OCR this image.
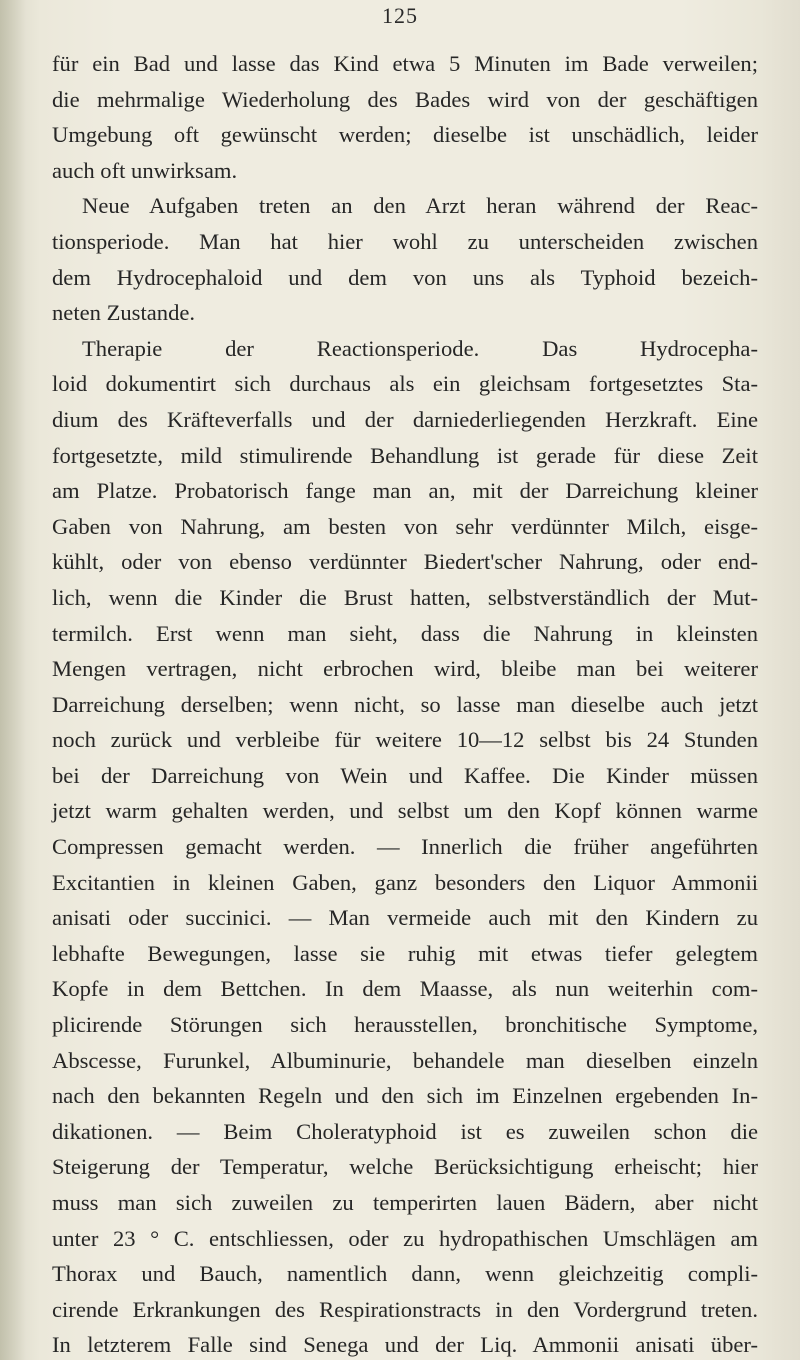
125
für ein Bad und lasse das Kind etwa 5 Minuten im Bade verweilen;
die mehrmalige Wiederholung des Bades wird von der geschäftigen
Umgebung oft gewünscht werden; dieselbe ist unschädlich, leider
auch oft unwirksam.
Neue Aufgaben treten an den Arzt heran während der Reac-
tionsperiode. Man hat hier wohl zu unterscheiden zwischen
dem Hydrocephaloid und dem von uns als Typhoid bezeich-
neten Zustande.
Therapie der Reactionsperiode. Das Hydrocepha-
loid dokumentirt sich durchaus als ein gleichsam fortgesetztes Sta-
dium des Kräfteverfalls und der darniederliegenden Herzkraft. Eine
fortgesetzte, mild stimulirende Behandlung ist gerade für diese Zeit
am Platze. Probatorisch fange man an, mit der Darreichung kleiner
Gaben von Nahrung, am besten von sehr verdünnter Milch, eisge-
kühlt, oder von ebenso verdünnter Biedert'scher Nahrung, oder end-
lich, wenn die Kinder die Brust hatten, selbstverständlich der Mut-
termilch. Erst wenn man sieht, dass die Nahrung in kleinsten
Mengen vertragen, nicht erbrochen wird, bleibe man bei weiterer
Darreichung derselben; wenn nicht, so lasse man dieselbe auch jetzt
noch zurück und verbleibe für weitere 10—12 selbst bis 24 Stunden
bei der Darreichung von Wein und Kaffee. Die Kinder müssen
jetzt warm gehalten werden, und selbst um den Kopf können warme
Compressen gemacht werden. — Innerlich die früher angeführten
Excitantien in kleinen Gaben, ganz besonders den Liquor Ammonii
anisati oder succinici. — Man vermeide auch mit den Kindern zu
lebhafte Bewegungen, lasse sie ruhig mit etwas tiefer gelegtem
Kopfe in dem Bettchen. In dem Maasse, als nun weiterhin com-
plicirende Störungen sich herausstellen, bronchitische Symptome,
Abscesse, Furunkel, Albuminurie, behandele man dieselben einzeln
nach den bekannten Regeln und den sich im Einzelnen ergebenden In-
dikationen. — Beim Choleratyphoid ist es zuweilen schon die
Steigerung der Temperatur, welche Berücksichtigung erheischt; hier
muss man sich zuweilen zu temperirten lauen Bädern, aber nicht
unter 23 ° C. entschliessen, oder zu hydropathischen Umschlägen am
Thorax und Bauch, namentlich dann, wenn gleichzeitig compli-
cirende Erkrankungen des Respirationstracts in den Vordergrund treten.
In letzterem Falle sind Senega und der Liq. Ammonii anisati über-
